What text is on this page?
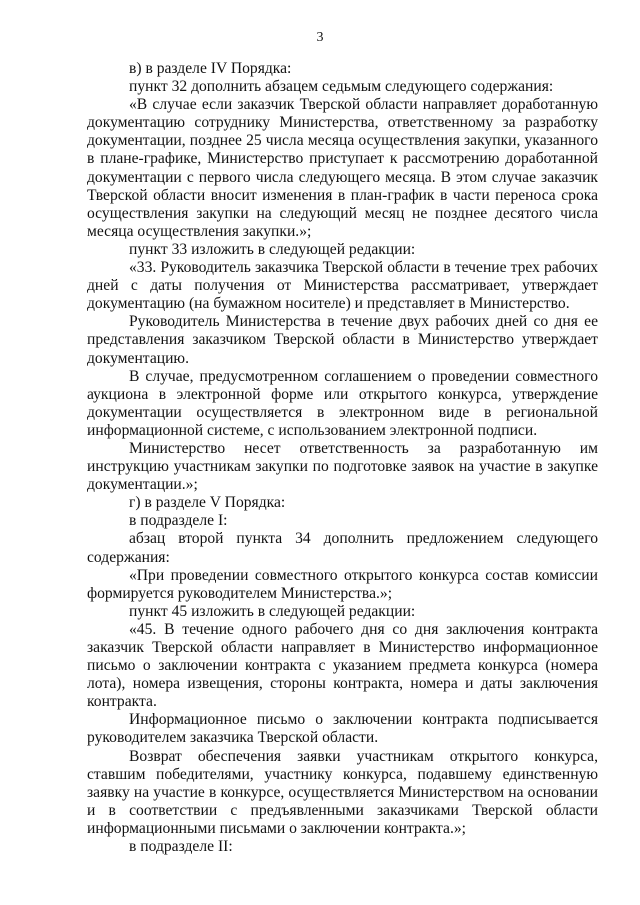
3

в) в разделе IV Порядка:

пункт 32 дополнить абзацем седьмым следующего содержания:

«В случае если заказчик Тверской области направляет доработанную документацию сотруднику Министерства, ответственному за разработку документации, позднее 25 числа месяца осуществления закупки, указанного в плане-графике, Министерство приступает к рассмотрению доработанной документации с первого числа следующего месяца. В этом случае заказчик Тверской области вносит изменения в план-график в части переноса срока осуществления закупки на следующий месяц не позднее десятого числа месяца осуществления закупки.»;

пункт 33 изложить в следующей редакции:

«33. Руководитель заказчика Тверской области в течение трех рабочих дней с даты получения от Министерства рассматривает, утверждает документацию (на бумажном носителе) и представляет в Министерство.

Руководитель Министерства в течение двух рабочих дней со дня ее представления заказчиком Тверской области в Министерство утверждает документацию.

В случае, предусмотренном соглашением о проведении совместного аукциона в электронной форме или открытого конкурса, утверждение документации осуществляется в электронном виде в региональной информационной системе, с использованием электронной подписи.

Министерство несет ответственность за разработанную им инструкцию участникам закупки по подготовке заявок на участие в закупке документации.»;

г) в разделе V Порядка:

в подразделе I:

абзац второй пункта 34 дополнить предложением следующего содержания:

«При проведении совместного открытого конкурса состав комиссии формируется руководителем Министерства.»;

пункт 45 изложить в следующей редакции:

«45. В течение одного рабочего дня со дня заключения контракта заказчик Тверской области направляет в Министерство информационное письмо о заключении контракта с указанием предмета конкурса (номера лота), номера извещения, стороны контракта, номера и даты заключения контракта.

Информационное письмо о заключении контракта подписывается руководителем заказчика Тверской области.

Возврат обеспечения заявки участникам открытого конкурса, ставшим победителями, участнику конкурса, подавшему единственную заявку на участие в конкурсе, осуществляется Министерством на основании и в соответствии с предъявленными заказчиками Тверской области информационными письмами о заключении контракта.»;

в подразделе II:
